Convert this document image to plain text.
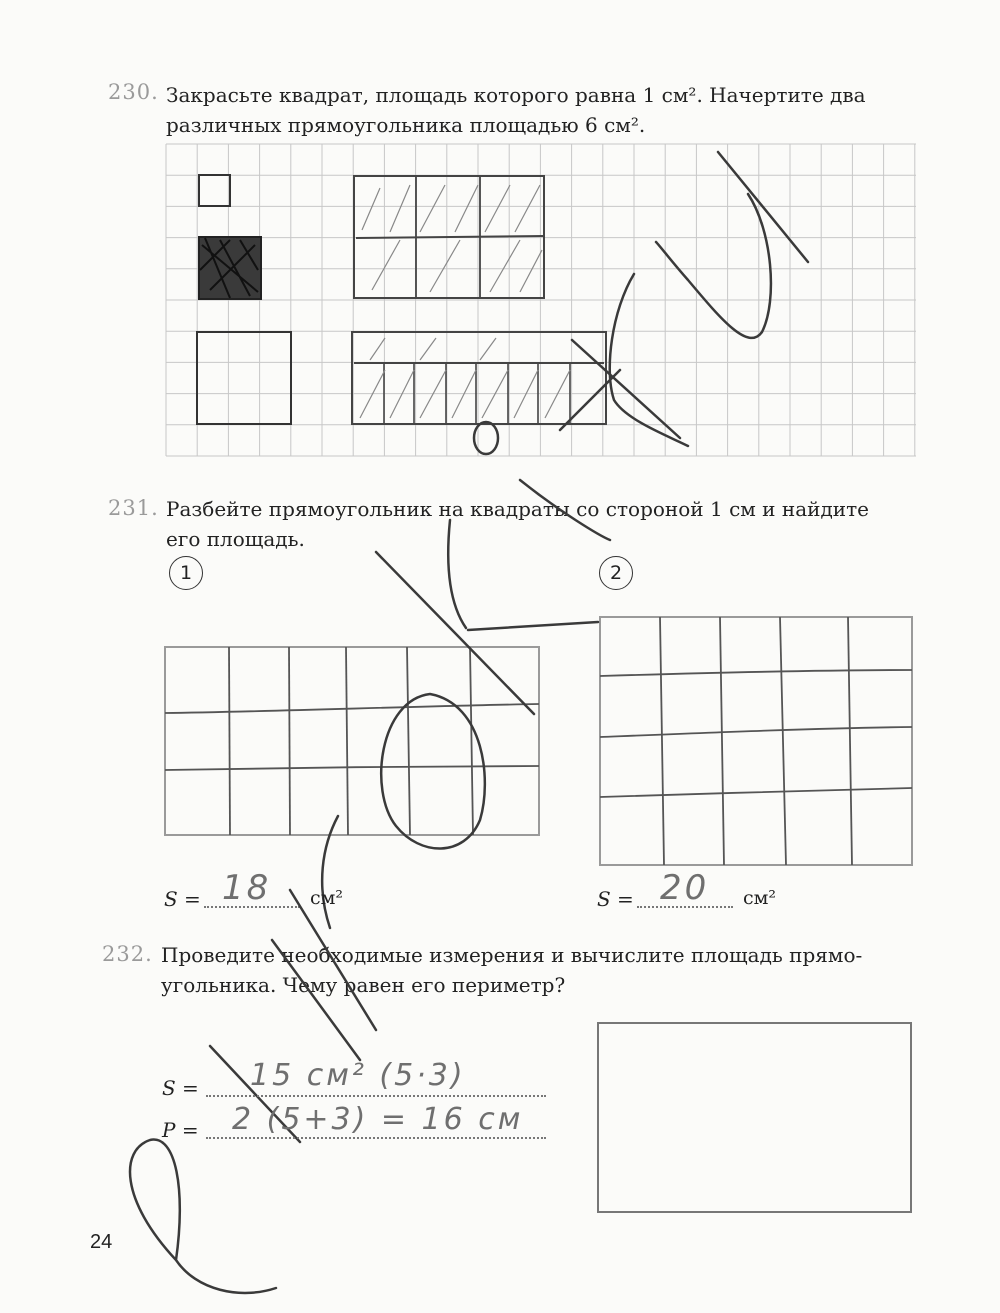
230. Закрасьте квадрат, площадь которого равна 1 см². Начертите два
различных прямоугольника площадью 6 см².
231. Разбейте прямоугольник на квадраты со стороной 1 см и найдите
его площадь.
1	2
S = 18 см²	S = 20 см²
232. Проведите необходимые измерения и вычислите площадь прямо-
угольника. Чему равен его периметр?
S = 15 см² (5·3)
P = 2 (5+3) = 16 см
24
